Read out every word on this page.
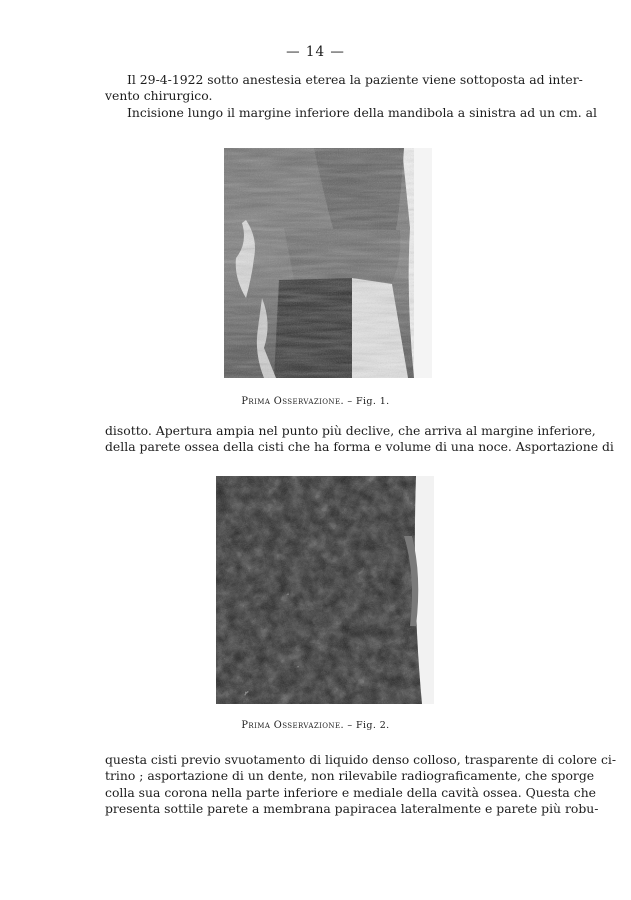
— 14 —
Il 29-4-1922 sotto anestesia eterea la paziente viene sottoposta ad inter-
vento chirurgico.
Incisione lungo il margine inferiore della mandibola a sinistra ad un cm. al
Prima Osservazione. – Fig. 1.
disotto. Apertura ampia nel punto più declive, che arriva al margine inferiore,
della parete ossea della cisti che ha forma e volume di una noce. Asportazione di
Prima Osservazione. – Fig. 2.
questa cisti previo svuotamento di liquido denso colloso, trasparente di colore ci-
trino ; asportazione di un dente, non rilevabile radiograficamente, che sporge
colla sua corona nella parte inferiore e mediale della cavità ossea. Questa che
presenta sottile parete a membrana papiracea lateralmente e parete più robu-
